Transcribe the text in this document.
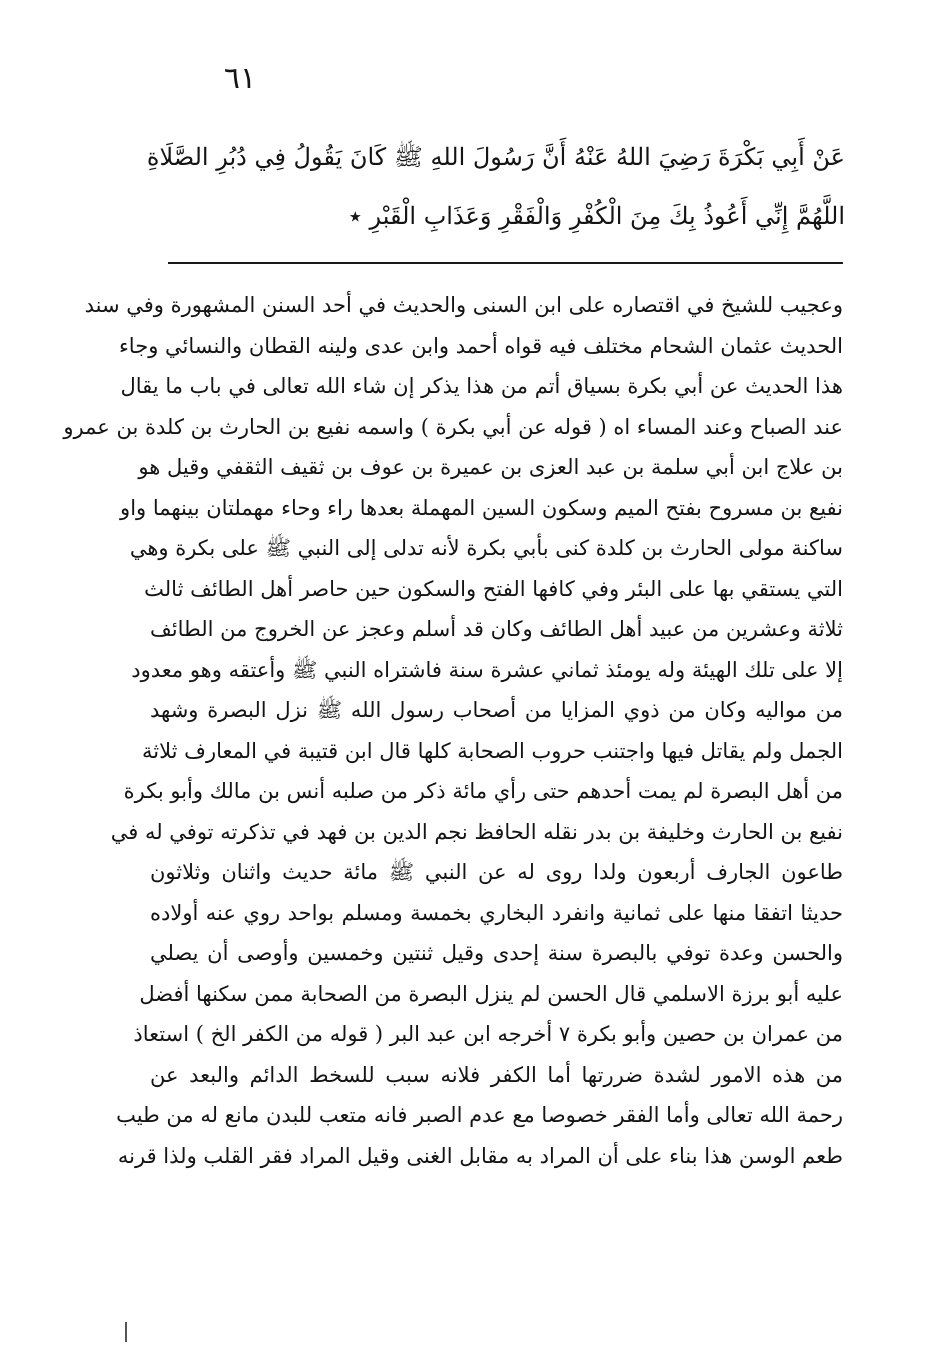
٦١
عَنْ أَبِي بَكْرَةَ رَضِيَ اللهُ عَنْهُ أَنَّ رَسُولَ اللهِ ﷺ كَانَ يَقُولُ فِي دُبُرِ الصَّلَاةِ
اللَّهُمَّ إِنِّي أَعُوذُ بِكَ مِنَ الْكُفْرِ وَالْفَقْرِ وَعَذَابِ الْقَبْرِ ٭
وعجيب للشيخ في اقتصاره على ابن السنى والحديث في أحد السنن المشهورة وفي سند
الحديث عثمان الشحام مختلف فيه قواه أحمد وابن عدى ولينه القطان والنسائي وجاء
هذا الحديث عن أبي بكرة بسياق أتم من هذا يذكر إن شاء الله تعالى في باب ما يقال
عند الصباح وعند المساء اه ( قوله عن أبي بكرة ) واسمه نفيع بن الحارث بن كلدة بن عمرو
بن علاج ابن أبي سلمة بن عبد العزى بن عميرة بن عوف بن ثقيف الثقفي وقيل هو
نفيع بن مسروح بفتح الميم وسكون السين المهملة بعدها راء وحاء مهملتان بينهما واو
ساكنة مولى الحارث بن كلدة كنى بأبي بكرة لأنه تدلى إلى النبي ﷺ على بكرة وهي
التي يستقي بها على البئر وفي كافها الفتح والسكون حين حاصر أهل الطائف ثالث
ثلاثة وعشرين من عبيد أهل الطائف وكان قد أسلم وعجز عن الخروج من الطائف
إلا على تلك الهيئة وله يومئذ ثماني عشرة سنة فاشتراه النبي ﷺ وأعتقه وهو معدود
من مواليه وكان من ذوي المزايا من أصحاب رسول الله ﷺ نزل البصرة وشهد
الجمل ولم يقاتل فيها واجتنب حروب الصحابة كلها قال ابن قتيبة في المعارف ثلاثة
من أهل البصرة لم يمت أحدهم حتى رأي مائة ذكر من صلبه أنس بن مالك وأبو بكرة
نفيع بن الحارث وخليفة بن بدر نقله الحافظ نجم الدين بن فهد في تذكرته توفي له في
طاعون الجارف أربعون ولدا روى له عن النبي ﷺ مائة حديث واثنان وثلاثون
حديثا اتفقا منها على ثمانية وانفرد البخاري بخمسة ومسلم بواحد روي عنه أولاده
والحسن وعدة توفي بالبصرة سنة إحدى وقيل ثنتين وخمسين وأوصى أن يصلي
عليه أبو برزة الاسلمي قال الحسن لم ينزل البصرة من الصحابة ممن سكنها أفضل
من عمران بن حصين وأبو بكرة ٧ أخرجه ابن عبد البر ( قوله من الكفر الخ ) استعاذ
من هذه الامور لشدة ضررتها أما الكفر فلانه سبب للسخط الدائم والبعد عن
رحمة الله تعالى وأما الفقر خصوصا مع عدم الصبر فانه متعب للبدن مانع له من طيب
طعم الوسن هذا بناء على أن المراد به مقابل الغنى وقيل المراد فقر القلب ولذا قرنه
